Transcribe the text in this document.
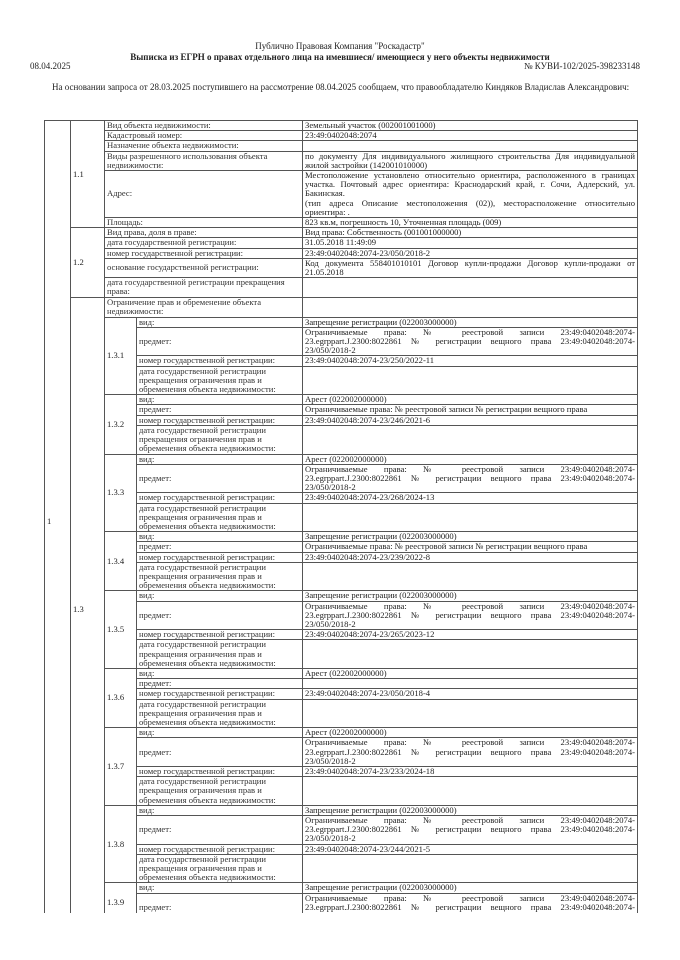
Публично Правовая Компания "Роскадастр"
Выписка из ЕГРН о правах отдельного лица на имевшиеся/ имеющиеся у него объекты недвижимости
08.04.2025	№ КУВИ-102/2025-398233148
На основании запроса от 28.03.2025 поступившего на рассмотрение 08.04.2025 сообщаем, что правообладателю Киндяков Владислав Александрович:
1	1.1	Вид объекта недвижимости:		Земельный участок (002001001000)
		Кадастровый номер:		23:49:0402048:2074
		Назначение объекта недвижимости:		
		Виды разрешенного использования объекта недвижимости:		по документу Для индивидуального жилищного строительства Для индивидуальной жилой застройки (142001010000)
		Адрес:		Местоположение установлено относительно ориентира, расположенного в границах участка. Почтовый адрес ориентира: Краснодарский край, г. Сочи, Адлерский, ул. Бакинская.
(тип адреса Описание местоположения (02)), месторасположение относительно ориентира: .

		Площадь:		823 кв.м, погрешность 10, Уточненная площадь (009)
	1.2	Вид права, доля в праве:		Вид права: Собственность (001001000000)
		дата государственной регистрации:		31.05.2018 11:49:09
		номер государственной регистрации:		23:49:0402048:2074-23/050/2018-2
		основание государственной регистрации:		Код документа 558401010101 Договор купли-продажи Договор купли-продажи от 21.05.2018
		дата государственной регистрации прекращения права:		
	1.3	Ограничение прав и обременение объекта недвижимости:		
		1.3.1	вид:	Запрещение регистрации (022003000000)
			предмет:	Ограничиваемые права: № реестровой записи 23:49:0402048:2074-23.egrpрart.J.2300:8022861 № регистрации вещного права 23:49:0402048:2074-23/050/2018-2
			номер государственной регистрации:	23:49:0402048:2074-23/250/2022-11
			дата государственной регистрации прекращения ограничения прав и обременения объекта недвижимости:	
		1.3.2	вид:	Арест (022002000000)
			предмет:	Ограничиваемые права: № реестровой записи № регистрации вещного права
			номер государственной регистрации:	23:49:0402048:2074-23/246/2021-6
			дата государственной регистрации прекращения ограничения прав и обременения объекта недвижимости:	
		1.3.3	вид:	Арест (022002000000)
			предмет:	Ограничиваемые права: № реестровой записи 23:49:0402048:2074-23.egrpрart.J.2300:8022861 № регистрации вещного права 23:49:0402048:2074-23/050/2018-2
			номер государственной регистрации:	23:49:0402048:2074-23/268/2024-13
			дата государственной регистрации прекращения ограничения прав и обременения объекта недвижимости:	
		1.3.4	вид:	Запрещение регистрации (022003000000)
			предмет:	Ограничиваемые права: № реестровой записи № регистрации вещного права
			номер государственной регистрации:	23:49:0402048:2074-23/239/2022-8
			дата государственной регистрации прекращения ограничения прав и обременения объекта недвижимости:	
		1.3.5	вид:	Запрещение регистрации (022003000000)
			предмет:	Ограничиваемые права: № реестровой записи 23:49:0402048:2074-23.egrpрart.J.2300:8022861 № регистрации вещного права 23:49:0402048:2074-23/050/2018-2
			номер государственной регистрации:	23:49:0402048:2074-23/265/2023-12
			дата государственной регистрации прекращения ограничения прав и обременения объекта недвижимости:	
		1.3.6	вид:	Арест (022002000000)
			предмет:	
			номер государственной регистрации:	23:49:0402048:2074-23/050/2018-4
			дата государственной регистрации прекращения ограничения прав и обременения объекта недвижимости:	
		1.3.7	вид:	Арест (022002000000)
			предмет:	Ограничиваемые права: № реестровой записи 23:49:0402048:2074-23.egrpрart.J.2300:8022861 № регистрации вещного права 23:49:0402048:2074-23/050/2018-2
			номер государственной регистрации:	23:49:0402048:2074-23/233/2024-18
			дата государственной регистрации прекращения ограничения прав и обременения объекта недвижимости:	
		1.3.8	вид:	Запрещение регистрации (022003000000)
			предмет:	Ограничиваемые права: № реестровой записи 23:49:0402048:2074-23.egrpрart.J.2300:8022861 № регистрации вещного права 23:49:0402048:2074-23/050/2018-2
			номер государственной регистрации:	23:49:0402048:2074-23/244/2021-5
			дата государственной регистрации прекращения ограничения прав и обременения объекта недвижимости:	
		1.3.9	вид:	Запрещение регистрации (022003000000)
			предмет:	Ограничиваемые права: № реестровой записи 23:49:0402048:2074-23.egrpрart.J.2300:8022861 № регистрации вещного права 23:49:0402048:2074-
